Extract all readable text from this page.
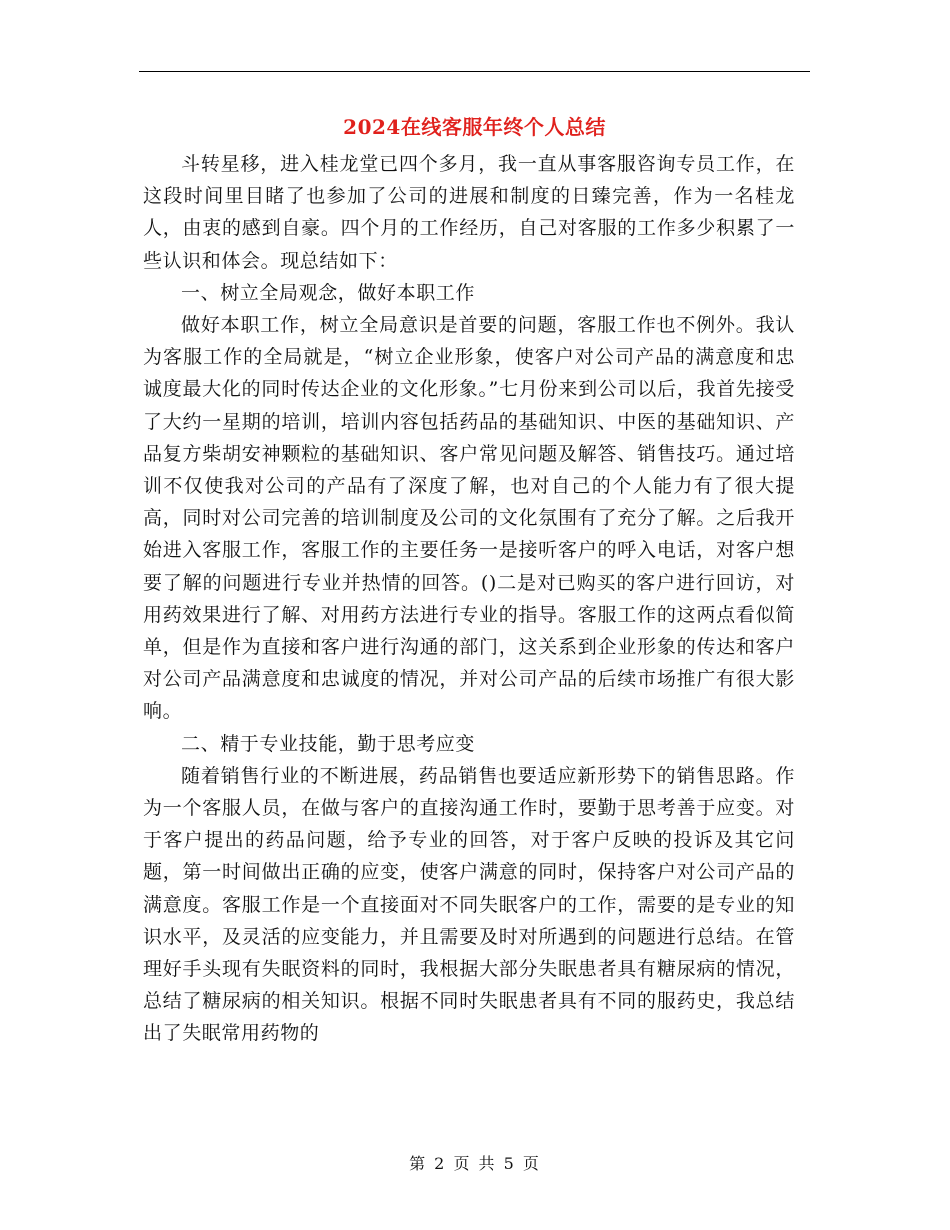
2024在线客服年终个人总结

斗转星移，进入桂龙堂已四个多月，我一直从事客服咨询专员工作，在这段时间里目睹了也参加了公司的进展和制度的日臻完善，作为一名桂龙人，由衷的感到自豪。四个月的工作经历，自己对客服的工作多少积累了一些认识和体会。现总结如下：

一、树立全局观念，做好本职工作

做好本职工作，树立全局意识是首要的问题，客服工作也不例外。我认为客服工作的全局就是，“树立企业形象，使客户对公司产品的满意度和忠诚度最大化的同时传达企业的文化形象。”七月份来到公司以后，我首先接受了大约一星期的培训，培训内容包括药品的基础知识、中医的基础知识、产品复方柴胡安神颗粒的基础知识、客户常见问题及解答、销售技巧。通过培训不仅使我对公司的产品有了深度了解，也对自己的个人能力有了很大提高，同时对公司完善的培训制度及公司的文化氛围有了充分了解。之后我开始进入客服工作，客服工作的主要任务一是接听客户的呼入电话，对客户想要了解的问题进行专业并热情的回答。()二是对已购买的客户进行回访，对用药效果进行了解、对用药方法进行专业的指导。客服工作的这两点看似简单，但是作为直接和客户进行沟通的部门，这关系到企业形象的传达和客户对公司产品满意度和忠诚度的情况，并对公司产品的后续市场推广有很大影响。

二、精于专业技能，勤于思考应变

随着销售行业的不断进展，药品销售也要适应新形势下的销售思路。作为一个客服人员，在做与客户的直接沟通工作时，要勤于思考善于应变。对于客户提出的药品问题，给予专业的回答，对于客户反映的投诉及其它问题，第一时间做出正确的应变，使客户满意的同时，保持客户对公司产品的满意度。客服工作是一个直接面对不同失眠客户的工作，需要的是专业的知识水平，及灵活的应变能力，并且需要及时对所遇到的问题进行总结。在管理好手头现有失眠资料的同时，我根据大部分失眠患者具有糖尿病的情况，总结了糖尿病的相关知识。根据不同时失眠患者具有不同的服药史，我总结出了失眠常用药物的

第 2 页 共 5 页
